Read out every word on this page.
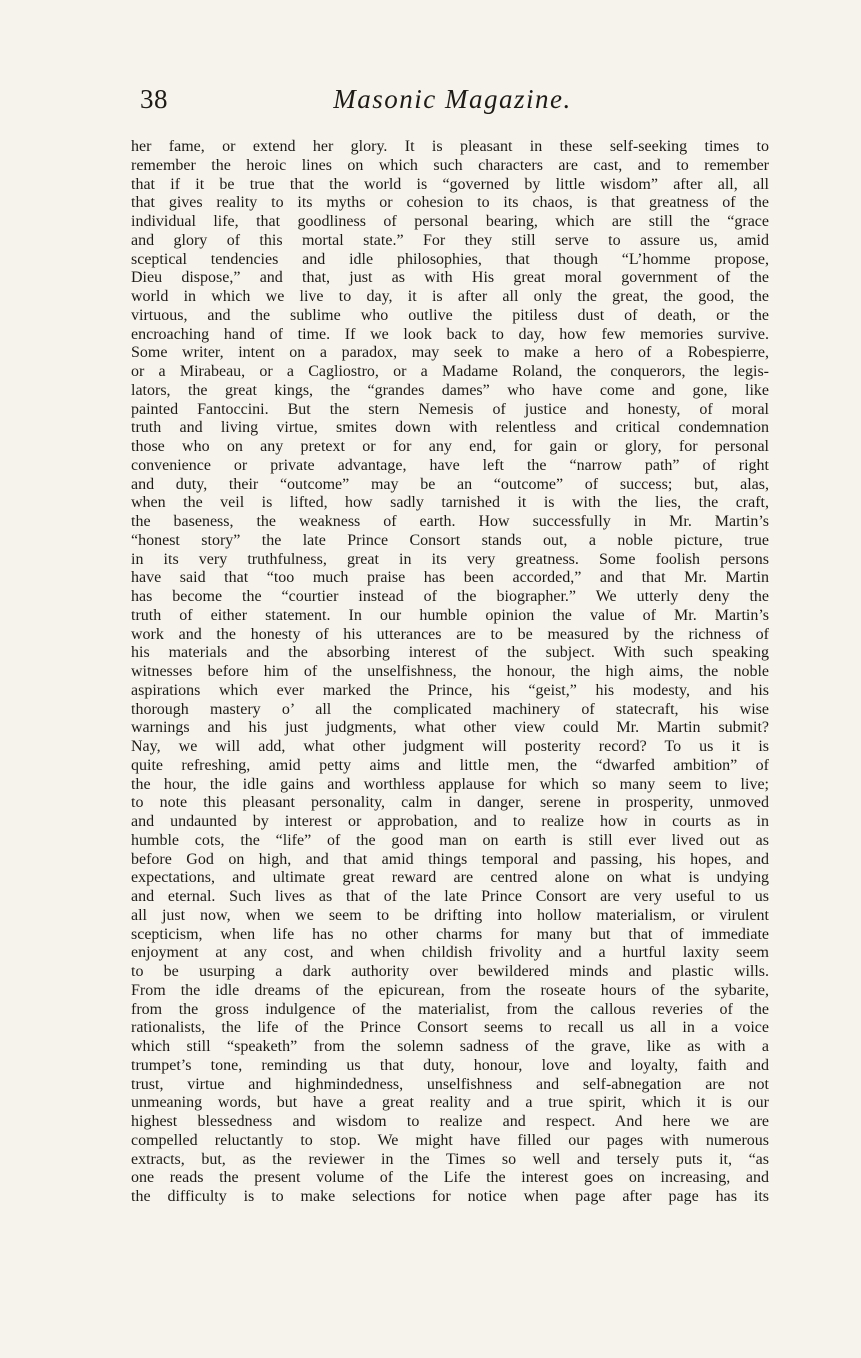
38	Masonic Magazine.
her fame, or extend her glory. It is pleasant in these self-seeking times to
remember the heroic lines on which such characters are cast, and to remember
that if it be true that the world is “governed by little wisdom” after all, all
that gives reality to its myths or cohesion to its chaos, is that greatness of the
individual life, that goodliness of personal bearing, which are still the “grace
and glory of this mortal state.” For they still serve to assure us, amid
sceptical tendencies and idle philosophies, that though “L’homme propose,
Dieu dispose,” and that, just as with His great moral government of the
world in which we live to day, it is after all only the great, the good, the
virtuous, and the sublime who outlive the pitiless dust of death, or the
encroaching hand of time. If we look back to day, how few memories survive.
Some writer, intent on a paradox, may seek to make a hero of a Robespierre,
or a Mirabeau, or a Cagliostro, or a Madame Roland, the conquerors, the legis-
lators, the great kings, the “grandes dames” who have come and gone, like
painted Fantoccini. But the stern Nemesis of justice and honesty, of moral
truth and living virtue, smites down with relentless and critical condemnation
those who on any pretext or for any end, for gain or glory, for personal
convenience or private advantage, have left the “narrow path” of right
and duty, their “outcome” may be an “outcome” of success; but, alas,
when the veil is lifted, how sadly tarnished it is with the lies, the craft,
the baseness, the weakness of earth. How successfully in Mr. Martin’s
“honest story” the late Prince Consort stands out, a noble picture, true
in its very truthfulness, great in its very greatness. Some foolish persons
have said that “too much praise has been accorded,” and that Mr. Martin
has become the “courtier instead of the biographer.” We utterly deny the
truth of either statement. In our humble opinion the value of Mr. Martin’s
work and the honesty of his utterances are to be measured by the richness of
his materials and the absorbing interest of the subject. With such speaking
witnesses before him of the unselfishness, the honour, the high aims, the noble
aspirations which ever marked the Prince, his “geist,” his modesty, and his
thorough mastery o’ all the complicated machinery of statecraft, his wise
warnings and his just judgments, what other view could Mr. Martin submit?
Nay, we will add, what other judgment will posterity record? To us it is
quite refreshing, amid petty aims and little men, the “dwarfed ambition” of
the hour, the idle gains and worthless applause for which so many seem to live;
to note this pleasant personality, calm in danger, serene in prosperity, unmoved
and undaunted by interest or approbation, and to realize how in courts as in
humble cots, the “life” of the good man on earth is still ever lived out as
before God on high, and that amid things temporal and passing, his hopes, and
expectations, and ultimate great reward are centred alone on what is undying
and eternal. Such lives as that of the late Prince Consort are very useful to us
all just now, when we seem to be drifting into hollow materialism, or virulent
scepticism, when life has no other charms for many but that of immediate
enjoyment at any cost, and when childish frivolity and a hurtful laxity seem
to be usurping a dark authority over bewildered minds and plastic wills.
From the idle dreams of the epicurean, from the roseate hours of the sybarite,
from the gross indulgence of the materialist, from the callous reveries of the
rationalists, the life of the Prince Consort seems to recall us all in a voice
which still “speaketh” from the solemn sadness of the grave, like as with a
trumpet’s tone, reminding us that duty, honour, love and loyalty, faith and
trust, virtue and highmindedness, unselfishness and self-abnegation are not
unmeaning words, but have a great reality and a true spirit, which it is our
highest blessedness and wisdom to realize and respect. And here we are
compelled reluctantly to stop. We might have filled our pages with numerous
extracts, but, as the reviewer in the Times so well and tersely puts it, “as
one reads the present volume of the Life the interest goes on increasing, and
the difficulty is to make selections for notice when page after page has its
